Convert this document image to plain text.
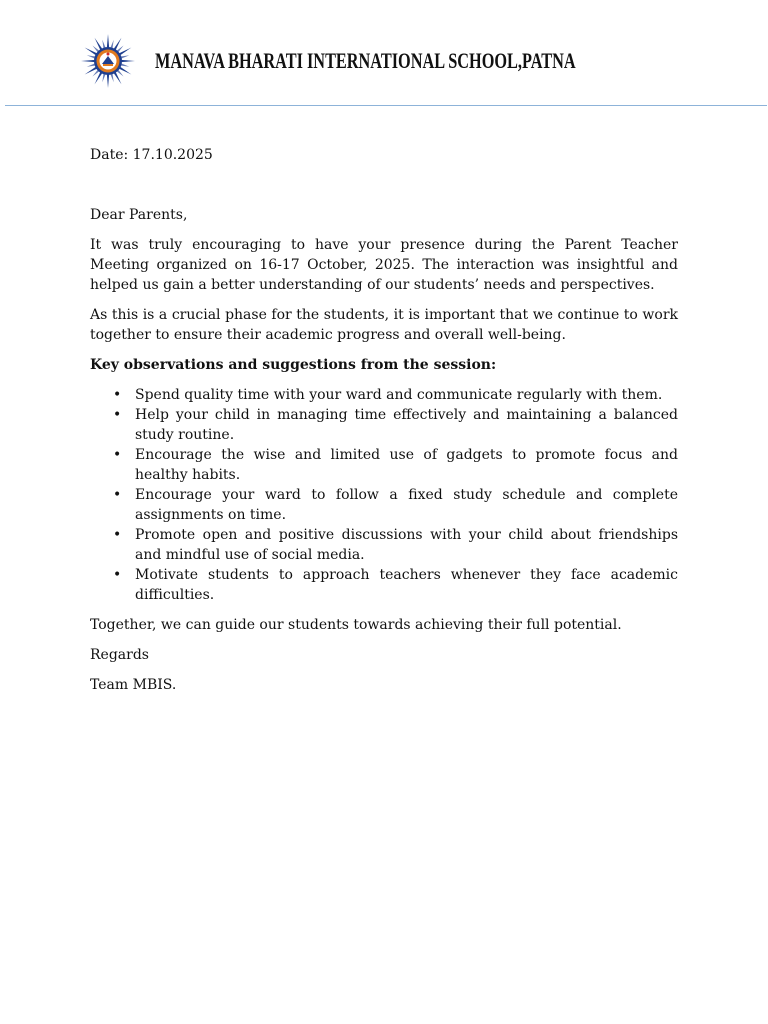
MANAVA BHARATI INTERNATIONAL SCHOOL,PATNA

Date: 17.10.2025

Dear Parents,

It was truly encouraging to have your presence during the Parent Teacher Meeting organized on 16-17 October, 2025. The interaction was insightful and helped us gain a better understanding of our students’ needs and perspectives.

As this is a crucial phase for the students, it is important that we continue to work together to ensure their academic progress and overall well-being.

Key observations and suggestions from the session:

• Spend quality time with your ward and communicate regularly with them.
• Help your child in managing time effectively and maintaining a balanced study routine.
• Encourage the wise and limited use of gadgets to promote focus and healthy habits.
• Encourage your ward to follow a fixed study schedule and complete assignments on time.
• Promote open and positive discussions with your child about friendships and mindful use of social media.
• Motivate students to approach teachers whenever they face academic difficulties.

Together, we can guide our students towards achieving their full potential.

Regards

Team MBIS.
